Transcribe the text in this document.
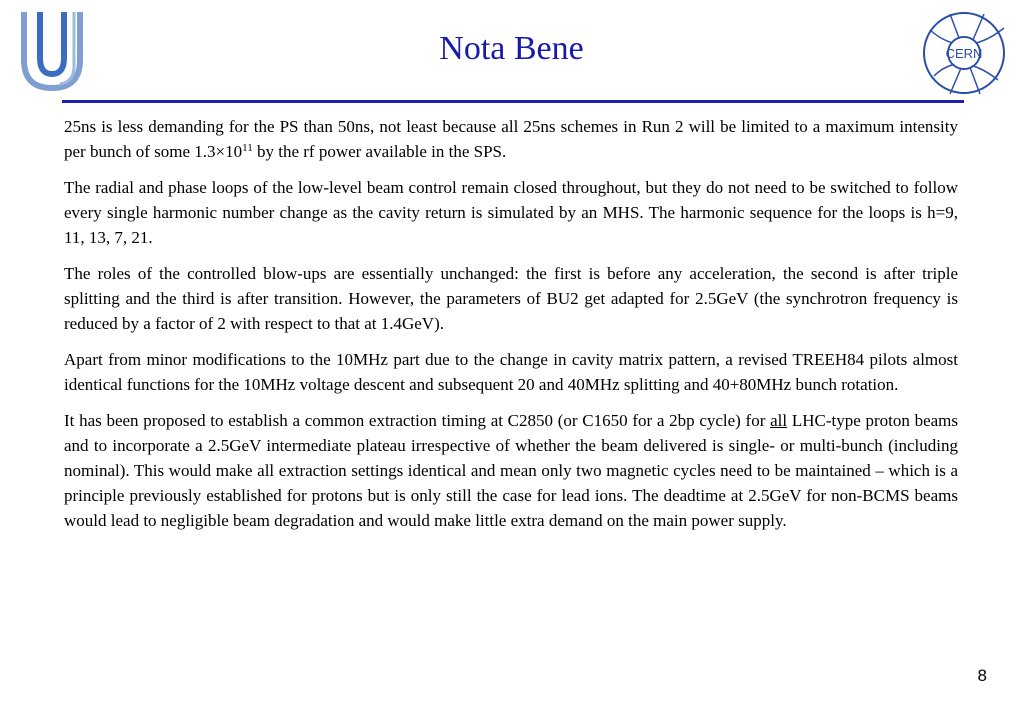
Nota Bene	CERN

25ns is less demanding for the PS than 50ns, not least because all 25ns schemes in Run 2 will be limited to a maximum intensity per bunch of some $1.3\times 10^{11}$ by the rf power available in the SPS.

The radial and phase loops of the low-level beam control remain closed throughout, but they do not need to be switched to follow every single harmonic number change as the cavity return is simulated by an MHS. The harmonic sequence for the loops is h=9, 11, 13, 7, 21.

The roles of the controlled blow-ups are essentially unchanged: the first is before any acceleration, the second is after triple splitting and the third is after transition. However, the parameters of BU2 get adapted for 2.5GeV (the synchrotron frequency is reduced by a factor of 2 with respect to that at 1.4GeV).

Apart from minor modifications to the 10MHz part due to the change in cavity matrix pattern, a revised TREEH84 pilots almost identical functions for the 10MHz voltage descent and subsequent 20 and 40MHz splitting and 40+80MHz bunch rotation.

It has been proposed to establish a common extraction timing at C2850 (or C1650 for a 2bp cycle) for all LHC-type proton beams and to incorporate a 2.5GeV intermediate plateau irrespective of whether the beam delivered is single- or multi-bunch (including nominal). This would make all extraction settings identical and mean only two magnetic cycles need to be maintained – which is a principle previously established for protons but is only still the case for lead ions. The deadtime at 2.5GeV for non-BCMS beams would lead to negligible beam degradation and would make little extra demand on the main power supply.

8
